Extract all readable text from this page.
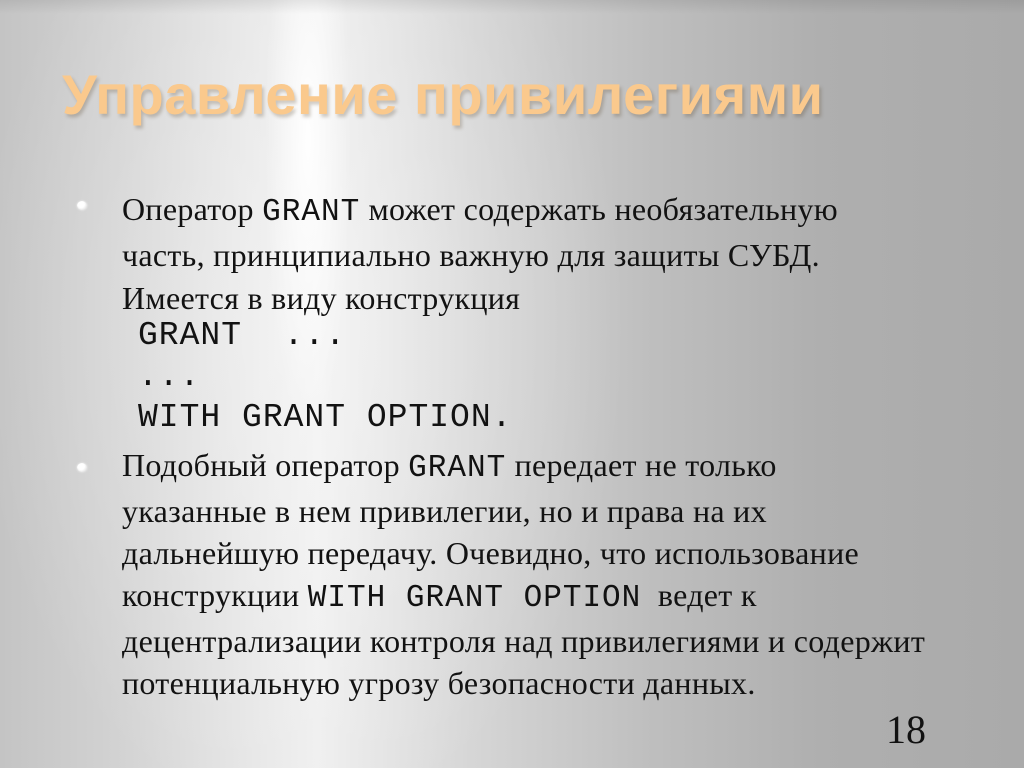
Управление привилегиями
Оператор GRANT может содержать необязательную
часть, принципиально важную для защиты СУБД.
Имеется в виду конструкция
GRANT  ...
...
WITH GRANT OPTION.
Подобный оператор GRANT передает не только
указанные в нем привилегии, но и права на их
дальнейшую передачу. Очевидно, что использование
конструкции WITH GRANT OPTION  ведет к
децентрализации контроля над привилегиями и содержит
потенциальную угрозу безопасности данных.
18
